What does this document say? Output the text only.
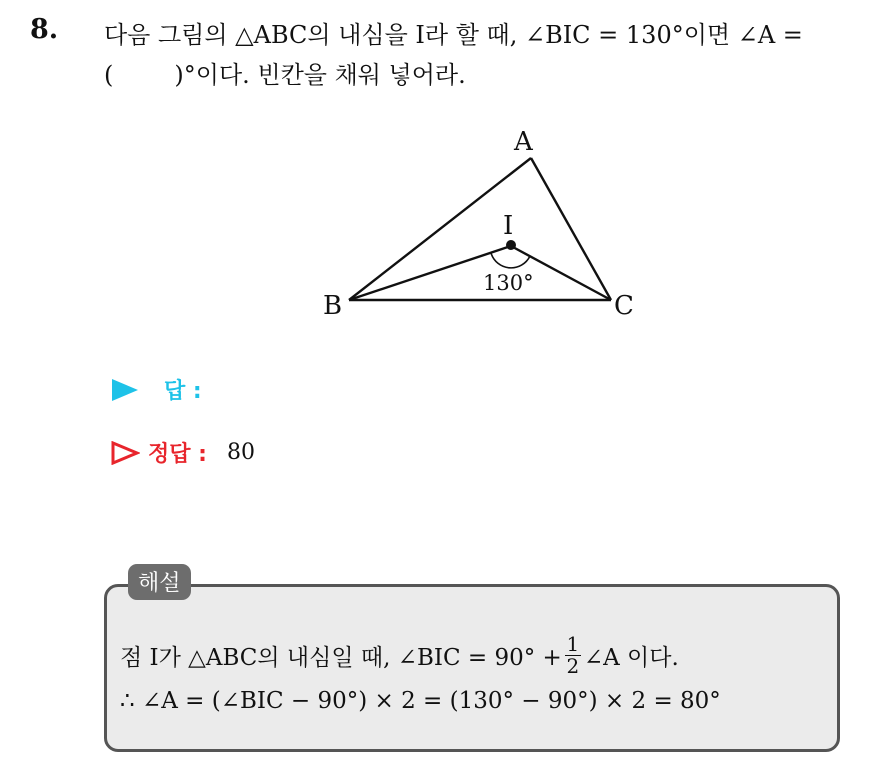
8. 다음 그림의 △ABC의 내심을 I라 할 때, ∠BIC = 130°이면 ∠A =
(        )°이다. 빈칸을 채워 넣어라.
A
B	C
I
130°
답 :
정답 : 80
해설
점 I가 △ABC의 내심일 때, ∠BIC = $90^\circ + \frac{1}{2}$ ∠A 이다.
∴ ∠A = (∠BIC − 90°) × 2 = (130° − 90°) × 2 = 80°
